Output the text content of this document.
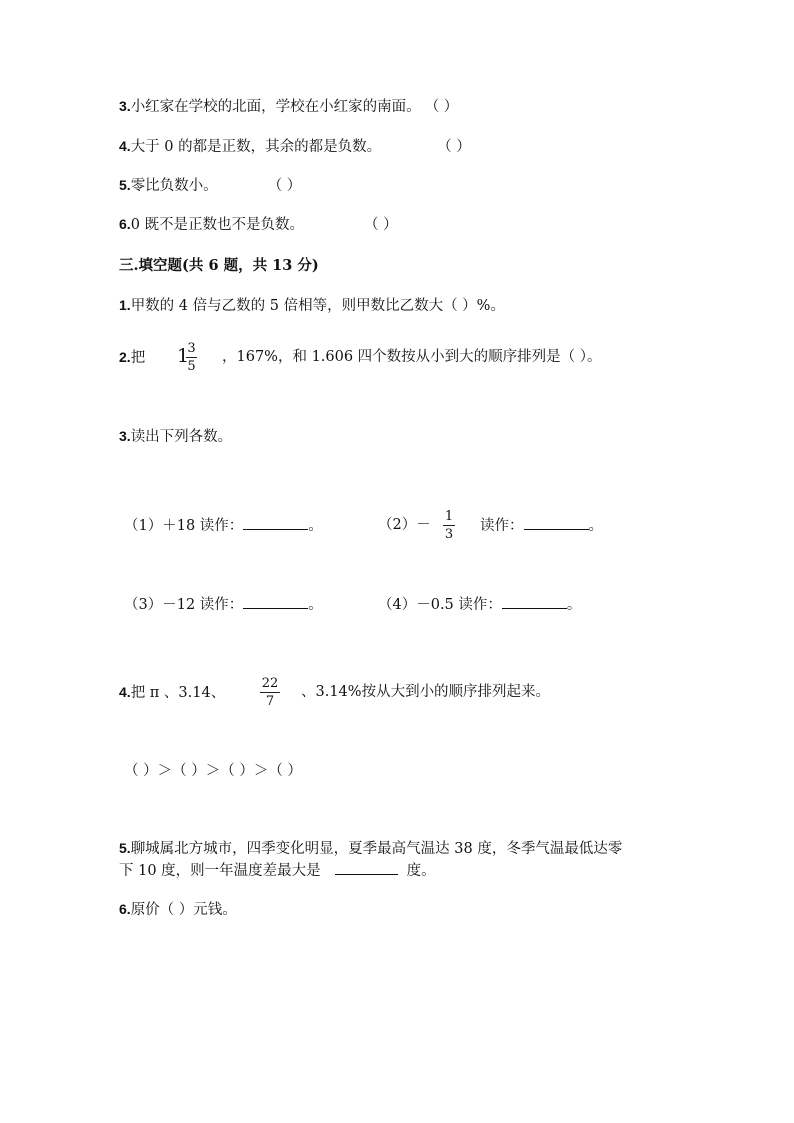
3.小红家在学校的北面，学校在小红家的南面。 （ ）
4.大于 0 的都是正数，其余的都是负数。	（ ）
5.零比负数小。	（ ）
6.0 既不是正数也不是负数。	（ ）
三.填空题(共 6 题，共 13 分)
1.甲数的 4 倍与乙数的 5 倍相等，则甲数比乙数大（ ）%。
2.把 1
3
5
，167%，和 1.606 四个数按从小到大的顺序排列是（ ）。
3.读出下列各数。
（1）＋18 读作：	。	（2）－
1
3
读作：	。
（3）－12 读作：	。	（4）－0.5 读作：	。
4.把 π 、3.14、
22
7
、3.14%按从大到小的顺序排列起来。
（ ）＞（ ）＞（ ）＞（ ）
5.聊城属北方城市，四季变化明显，夏季最高气温达 38 度，冬季气温最低达零
下 10 度，则一年温度差最大是	度。
6.原价（ ）元钱。
